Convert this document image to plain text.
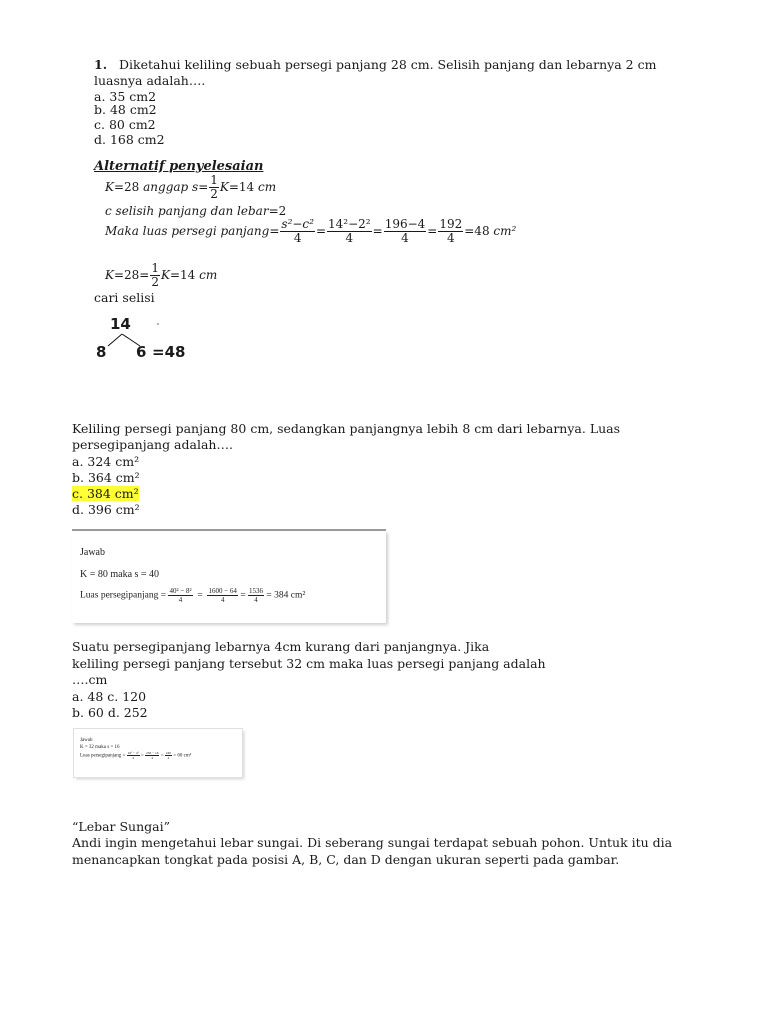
1. Diketahui keliling sebuah persegi panjang 28 cm. Selisih panjang dan lebarnya 2 cm
luasnya adalah….
a. 35 cm2
b. 48 cm2
c. 80 cm2
d. 168 cm2
Alternatif penyelesaian
K=28 anggap $s= \frac{1}{2} K=14$ cm
c selisih panjang dan lebar=2
Maka luas persegi panjang= $\frac{\text{s²−c²}}{4} = \frac{\text{14²−2²}}{4} = \frac{196-4}{4} = \frac{192}{4} =48$ cm²
$K=28= \frac{1}{2} K=14$ cm
cari selisi
14
8 6 =48
Keliling persegi panjang 80 cm, sedangkan panjangnya lebih 8 cm dari lebarnya. Luas
persegipanjang adalah….
a. 324 cm²
b. 364 cm²
c. 384 cm²
d. 396 cm²
Jawab
K = 80 maka s = 40
Luas persegipanjang = $\frac{\text{40² − 8²}}{4} = \frac{1600 - 64}{4} = \frac{1536}{4} = 384$ cm²
Suatu persegipanjang lebarnya 4cm kurang dari panjangnya. Jika
keliling persegi panjang tersebut 32 cm maka luas persegi panjang adalah
….cm
a. 48 c. 120
b. 60 d. 252
Jawab
K = 32 maka s = 16
Luas persegipanjang = $\frac{\text{16² − 4²}}{4} = \frac{256 - 16}{4} = \frac{240}{4} = 60$ cm²
“Lebar Sungai”
Andi ingin mengetahui lebar sungai. Di seberang sungai terdapat sebuah pohon. Untuk itu dia
menancapkan tongkat pada posisi A, B, C, dan D dengan ukuran seperti pada gambar.
